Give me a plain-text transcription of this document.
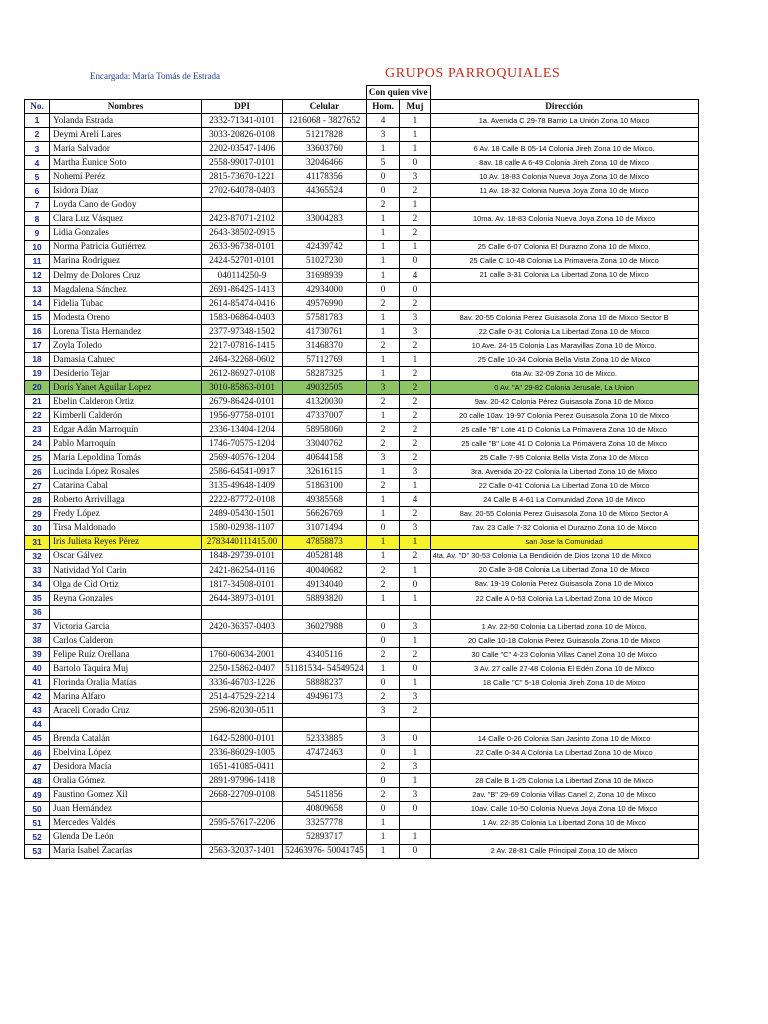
Encargada: María Tomás de Estrada	GRUPOS PARROQUIALES
				Con quien vive		
No.	Nombres	DPI	Celular	Hom.	Muj	Dirección
1	Yolanda Estrada	2332-71341-0101	1216068 - 3827652	4	1	1a. Avenida C 29-78 Barrio La Unión Zona 10 Mixco
2	Deymi Areli Lares	3033-20826-0108	51217828	3	1	
3	María Salvador	2202-03547-1406	33603760	1	1	6 Av. 18 Calle B 05-14 Colonia Jireh Zona 10 de Mixco.
4	Martha Eunice Soto	2558-99017-0101	32046466	5	0	8av. 18 calle A 6-49 Colonia Jireh Zona 10 de Mixco
5	Nohemí Peréz	2815-73670-1221	41178356	0	3	10 Av. 18-83 Colonia Nueva Joya Zona 10 de Mixco
6	Isidora Díaz	2702-64078-0403	44365524	0	2	11 Av. 18-32 Colonia Nueva Joya Zona 10 de Mixco
7	Loyda Cano de Godoy			2	1	
8	Clara Luz Vásquez	2423-87071-2102	33004283	1	2	10ma. Av. 18-83 Colonia Nueva Joya Zona 10 de Mixco
9	Lidia Gonzales	2643-38502-0915		1	2	
10	Norma Patricia Gutiérrez	2633-96738-0101	42439742	1	1	25 Calle 6-07 Colonia El Durazno Zona 10 de Mixco.
11	Marina Rodriguez	2424-52701-0101	51027230	1	0	25 Calle C 10-48 Colonia La Primavera Zona 10 de Mixco
12	Delmy de Dolores Cruz	040114250-9	31698939	1	4	21 calle 3-31 Colonia La Libertad Zona 10 de Mixco
13	Magdalena Sánchez	2691-86425-1413	42934000	0	0	
14	Fidelia Tubac	2614-85474-0416	49576990	2	2	
15	Modesta Oreno	1583-06864-0403	57581783	1	3	8av. 20-55 Colonia Perez Guisasola Zona 10 de Mixco Sector B
16	Lorena Tista Hernandez	2377-97348-1502	41730761	1	3	22 Calle 0-31 Colonia La Libertad Zona 10 de Mixco
17	Zoyla Toledo	2217-07816-1415	31468370	2	2	10 Ave. 24-15 Colonia Las Maravillas Zona 10 de Mixco.
18	Damasia Cahuec	2464-32268-0602	57112769	1	1	25 Calle 10-34 Colonia Bella Vista Zona 10 de Mixco
19	Desiderio Tejar	2612-86927-0108	58287325	1	2	6ta Av. 32-09 Zona 10 de Mixco.
20	Doris Yanet Aguilar Lopez	3010-85863-0101	49032505	3	2	0 Av. "A" 29-82 Colonia Jerusale, La Union
21	Ebelin Calderon Ortiz	2679-86424-0101	41320030	2	2	9av. 20-42 Colonia Pérez Guisasola Zona 10 de Mixco
22	Kimberli Calderón	1956-97758-0101	47337007	1	2	20 calle 10av. 19-97 Colonia Perez Guisasola Zona 10 de Mixco
23	Edgar Adán Marroquín	2336-13404-1204	58958060	2	2	25 calle "B" Lote 41 D Colonia La Primavera Zona 10 de Mixco
24	Pablo Marroquín	1746-70575-1204	33040762	2	2	25 calle "B" Lote 41 D Colonia La Primavera Zona 10 de Mixco
25	María Lepoldina Tomás	2569-40576-1204	40644158	3	2	25 Calle 7-95 Colonia Bella Vista Zona 10 de Mixco
26	Lucinda López Rosales	2586-64541-0917	32616115	1	3	3ra. Avenida 20-22 Colonia la Libertad Zona 10 de Mixco
27	Catarina Cabal	3135-49648-1409	51863100	2	1	22 Calle 0-41 Colonia La Libertad Zona 10 de Mixco
28	Roberto Arrivillaga	2222-87772-0108	49385568	1	4	24 Calle B 4-61 La Comunidad Zona 10 de Mixco
29	Fredy López	2489-05430-1501	56626769	1	2	8av. 20-55 Colonia Perez Guisasola Zona 10 de Mixco Sector A
30	Tirsa Maldonado	1580-02938-1107	31071494	0	3	7av. 23 Calle 7-32 Colonia el Durazno Zona 10 de Mixco
31	Iris Julieta Reyes Pérez	2783440111415.00	47858873	1	1	san Jose la Comunidad
32	Oscar Gálvez	1848-29739-0101	40528148	1	2	4ta. Av. "D" 30-53 Colonia La Bendición de Dios Izona 10 de Mixco
33	Natividad Yol Carin	2421-86254-0116	40040682	2	1	20 Calle 3-08 Colonia La Libertad Zona 10 de Mixco
34	Olga de Cid Ortiz	1817-34508-0101	49134040	2	0	8av. 19-19 Colonia Perez Guisasola Zona 10 de Mixco
35	Reyna Gonzales	2644-38973-0101	58893820	1	1	22 Calle A 0-53 Colonia La Libertad Zona 10 de Mixco
36						
37	Victoria Garcia	2420-36357-0403	36027988	0	3	1 Av. 22-50 Colonia La Libertad zona 10 de Mixco.
38	Carlos Calderon			0	1	20 Calle 10-18 Colonia Perez Guisasola Zona 10 de Mixco
39	Felipe Ruíz Orellana	1760-60634-2001	43405116	2	2	30 Calle "C" 4-23 Colonia Villas Canel Zona 10 de Mixco
40	Bartolo Taquira Muj	2250-15862-0407	51181534- 54549524	1	0	3 Av. 27 calle 27-48 Colonia El Edén Zona 10 de Mixco
41	Florinda Oralia Matías	3336-46703-1226	58888237	0	1	18 Calle "C" 5-18 Colonia Jireh Zona 10 de Mixco
42	Marina Alfaro	2514-47529-2214	49496173	2	3	
43	Araceli Corado Cruz	2596-82030-0511		3	2	
44						
45	Brenda Catalán	1642-52800-0101	52333885	3	0	14 Calle 0-26 Colonia San Jasinto Zona 10 de Mixco
46	Ebelvina López	2336-86029-1005	47472463	0	1	22 Calle 0-34 A Colonia La Libertad Zona 10 de Mixco
47	Desidora Macía	1651-41085-0411		2	3	
48	Oralia Gómez	2891-97996-1418		0	1	28 Calle B 1-25 Colonia La Libertad Zona 10 de Mixco
49	Faustino Gomez Xil	2668-22709-0108	54511856	2	3	2av. "B" 29-69 Colonia Villas Canel 2, Zona 10 de Mixco
50	Juan Hernández		40809658	0	0	10av. Calle 10-50 Colonia Nueva Joya Zona 10 de Mixco
51	Mercedes Valdés	2595-57617-2206	33257778	1		1 Av. 22-35 Colonia La Libertad Zona 10 de Mixco
52	Glenda De León		52893717	1	1	
53	María Isabel Zacarías	2563-32037-1401	52463976- 50041745	1	0	2 Av. 28-81 Calle Principal Zona 10 de Mixco
